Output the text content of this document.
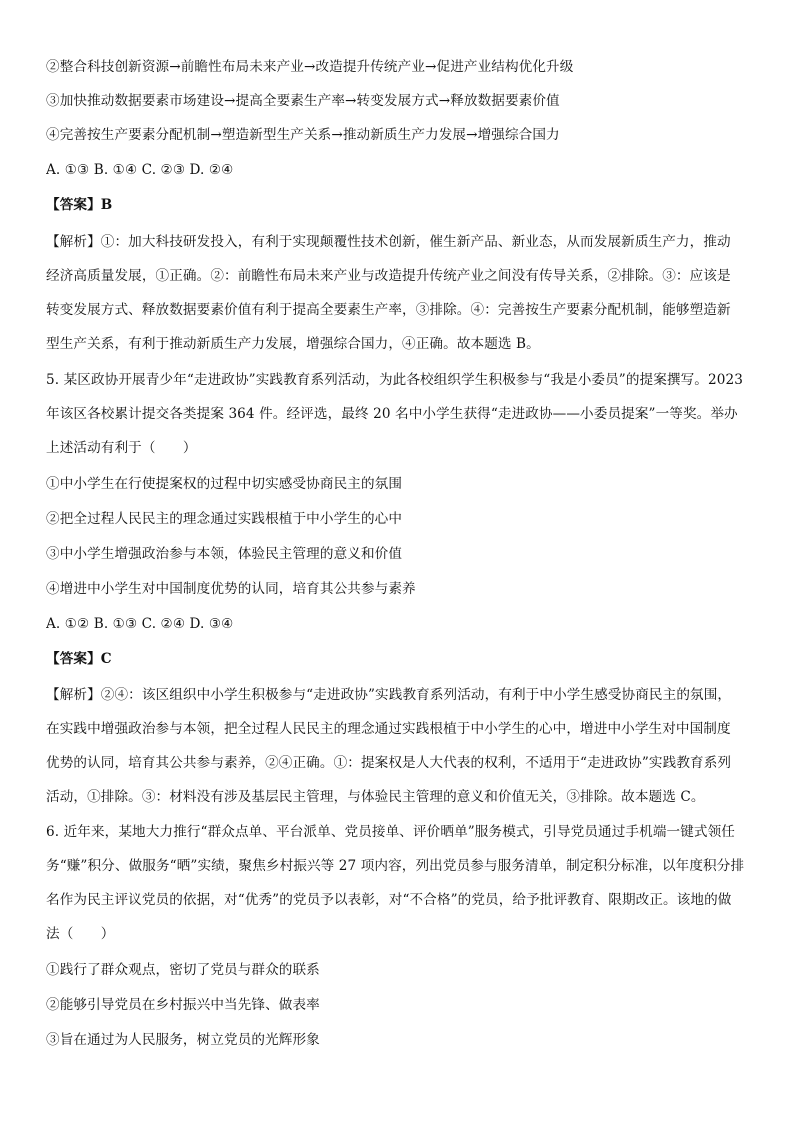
②整合科技创新资源→前瞻性布局未来产业→改造提升传统产业→促进产业结构优化升级
③加快推动数据要素市场建设→提高全要素生产率→转变发展方式→释放数据要素价值
④完善按生产要素分配机制→塑造新型生产关系→推动新质生产力发展→增强综合国力
A. ①③ B. ①④ C. ②③ D. ②④
【答案】B
【解析】①：加大科技研发投入，有利于实现颠覆性技术创新，催生新产品、新业态，从而发展新质生产力，推动
经济高质量发展，①正确。②：前瞻性布局未来产业与改造提升传统产业之间没有传导关系，②排除。③：应该是
转变发展方式、释放数据要素价值有利于提高全要素生产率，③排除。④：完善按生产要素分配机制，能够塑造新
型生产关系，有利于推动新质生产力发展，增强综合国力，④正确。故本题选 B。
5. 某区政协开展青少年“走进政协”实践教育系列活动，为此各校组织学生积极参与“我是小委员”的提案撰写。2023
年该区各校累计提交各类提案 364 件。经评选，最终 20 名中小学生获得“走进政协——小委员提案”一等奖。举办
上述活动有利于（　　）
①中小学生在行使提案权的过程中切实感受协商民主的氛围
②把全过程人民民主的理念通过实践根植于中小学生的心中
③中小学生增强政治参与本领，体验民主管理的意义和价值
④增进中小学生对中国制度优势的认同，培育其公共参与素养
A. ①② B. ①③ C. ②④ D. ③④
【答案】C
【解析】②④：该区组织中小学生积极参与“走进政协”实践教育系列活动，有利于中小学生感受协商民主的氛围，
在实践中增强政治参与本领，把全过程人民民主的理念通过实践根植于中小学生的心中，增进中小学生对中国制度
优势的认同，培育其公共参与素养，②④正确。①：提案权是人大代表的权利，不适用于“走进政协”实践教育系列
活动，①排除。③：材料没有涉及基层民主管理，与体验民主管理的意义和价值无关，③排除。故本题选 C。
6. 近年来，某地大力推行“群众点单、平台派单、党员接单、评价晒单”服务模式，引导党员通过手机端一键式领任
务“赚”积分、做服务“晒”实绩，聚焦乡村振兴等 27 项内容，列出党员参与服务清单，制定积分标准，以年度积分排
名作为民主评议党员的依据，对“优秀”的党员予以表彰，对“不合格”的党员，给予批评教育、限期改正。该地的做
法（　　）
①践行了群众观点，密切了党员与群众的联系
②能够引导党员在乡村振兴中当先锋、做表率
③旨在通过为人民服务，树立党员的光辉形象
